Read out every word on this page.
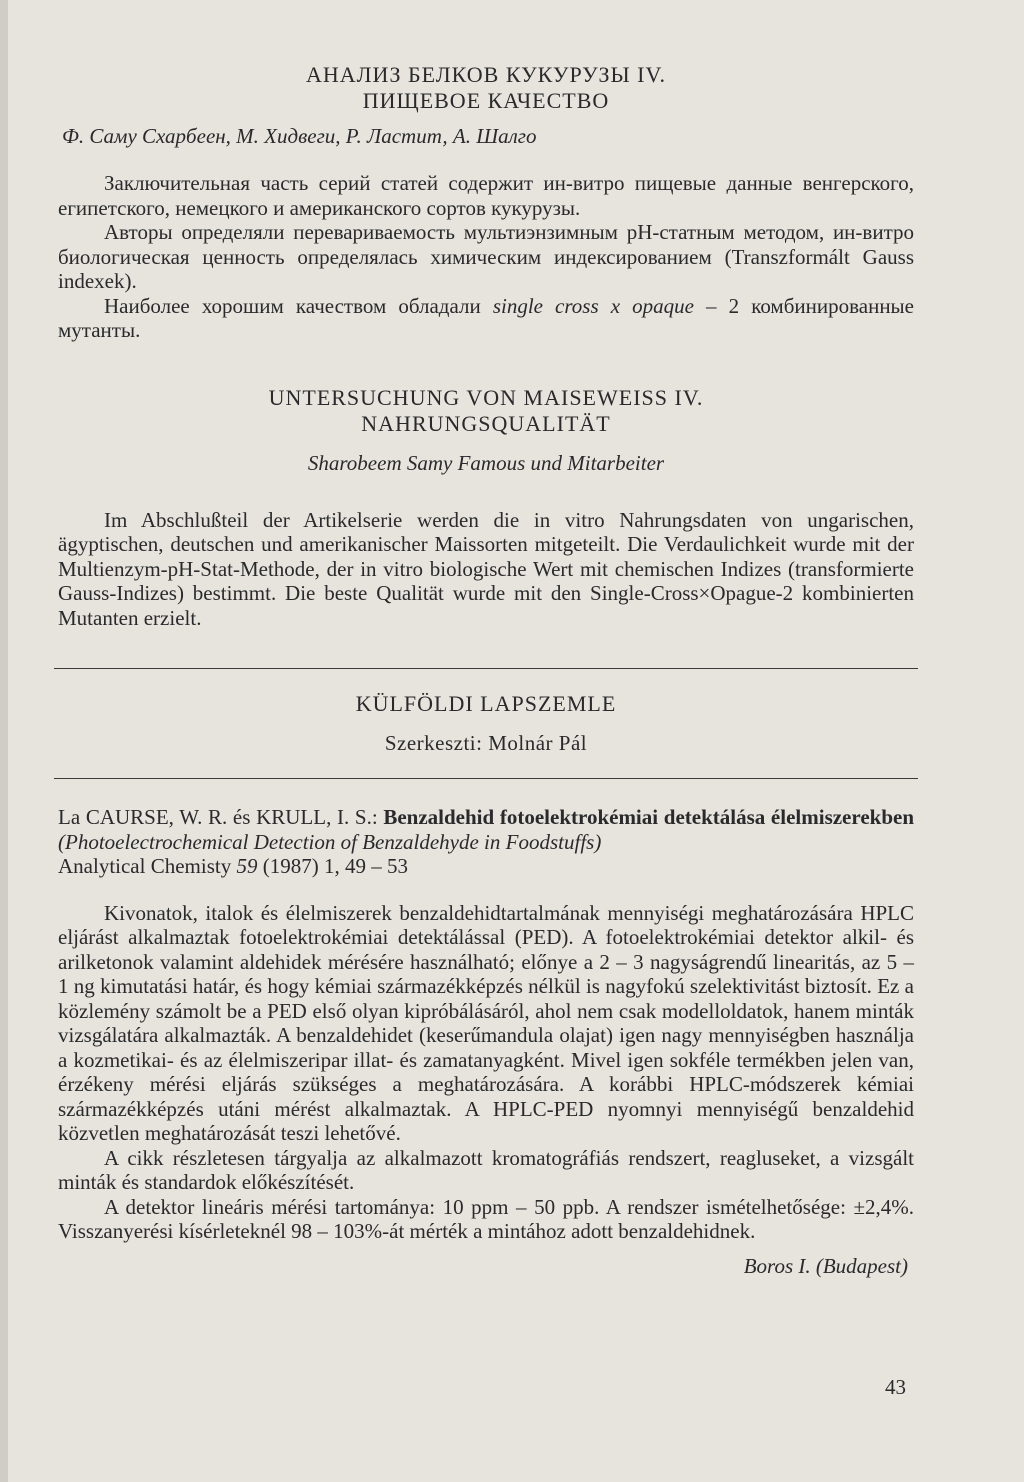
АНАЛИЗ БЕЛКОВ КУКУРУЗЫ IV.
ПИЩЕВОЕ КАЧЕСТВО
Ф. Саму Схарбеен, М. Хидвеги, Р. Ластит, А. Шалго

Заключительная часть серий статей содержит ин-витро пищевые данные венгерского, египетского, немецкого и американского сортов кукурузы.

Авторы определяли перевариваемость мультиэнзимным pH-статным методом, ин-витро биологическая ценность определялась химическим индексированием (Transzformált Gauss indexek).

Наиболее хорошим качеством обладали single cross x opaque – 2 комбинированные мутанты.

UNTERSUCHUNG VON MAISEWEISS IV.
NAHRUNGSQUALITÄT
Sharobeem Samy Famous und Mitarbeiter

Im Abschlußteil der Artikelserie werden die in vitro Nahrungsdaten von ungarischen, ägyptischen, deutschen und amerikanischer Maissorten mitgeteilt. Die Verdaulichkeit wurde mit der Multienzym-pH-Stat-Methode, der in vitro biologische Wert mit chemischen Indizes (transformierte Gauss-Indizes) bestimmt. Die beste Qualität wurde mit den Single-Cross×Opague-2 kombinierten Mutanten erzielt.

KÜLFÖLDI LAPSZEMLE
Szerkeszti: Molnár Pál

La CAURSE, W. R. és KRULL, I. S.: Benzaldehid fotoelektrokémiai detektálása élelmiszerekben (Photoelectrochemical Detection of Benzaldehyde in Foodstuffs)
Analytical Chemisty 59 (1987) 1, 49 – 53

Kivonatok, italok és élelmiszerek benzaldehidtartalmának mennyiségi meghatározására HPLC eljárást alkalmaztak fotoelektrokémiai detektálással (PED). A fotoelektrokémiai detektor alkil- és arilketonok valamint aldehidek mérésére használható; előnye a 2 – 3 nagyságrendű linearitás, az 5 – 1 ng kimutatási határ, és hogy kémiai származékképzés nélkül is nagyfokú szelektivitást biztosít. Ez a közlemény számolt be a PED első olyan kipróbálásáról, ahol nem csak modelloldatok, hanem minták vizsgálatára alkalmazták. A benzaldehidet (keserűmandula olajat) igen nagy mennyiségben használja a kozmetikai- és az élelmiszeripar illat- és zamatanyagként. Mivel igen sokféle termékben jelen van, érzékeny mérési eljárás szükséges a meghatározására. A korábbi HPLC-módszerek kémiai származékképzés utáni mérést alkalmaztak. A HPLC-PED nyomnyi mennyiségű benzaldehid közvetlen meghatározását teszi lehetővé.

A cikk részletesen tárgyalja az alkalmazott kromatográfiás rendszert, reagluseket, a vizsgált minták és standardok előkészítését.

A detektor lineáris mérési tartománya: 10 ppm – 50 ppb. A rendszer ismételhetősége: ±2,4%. Visszanyerési kísérleteknél 98 – 103%-át mérték a mintához adott benzaldehidnek.

Boros I. (Budapest)
43
